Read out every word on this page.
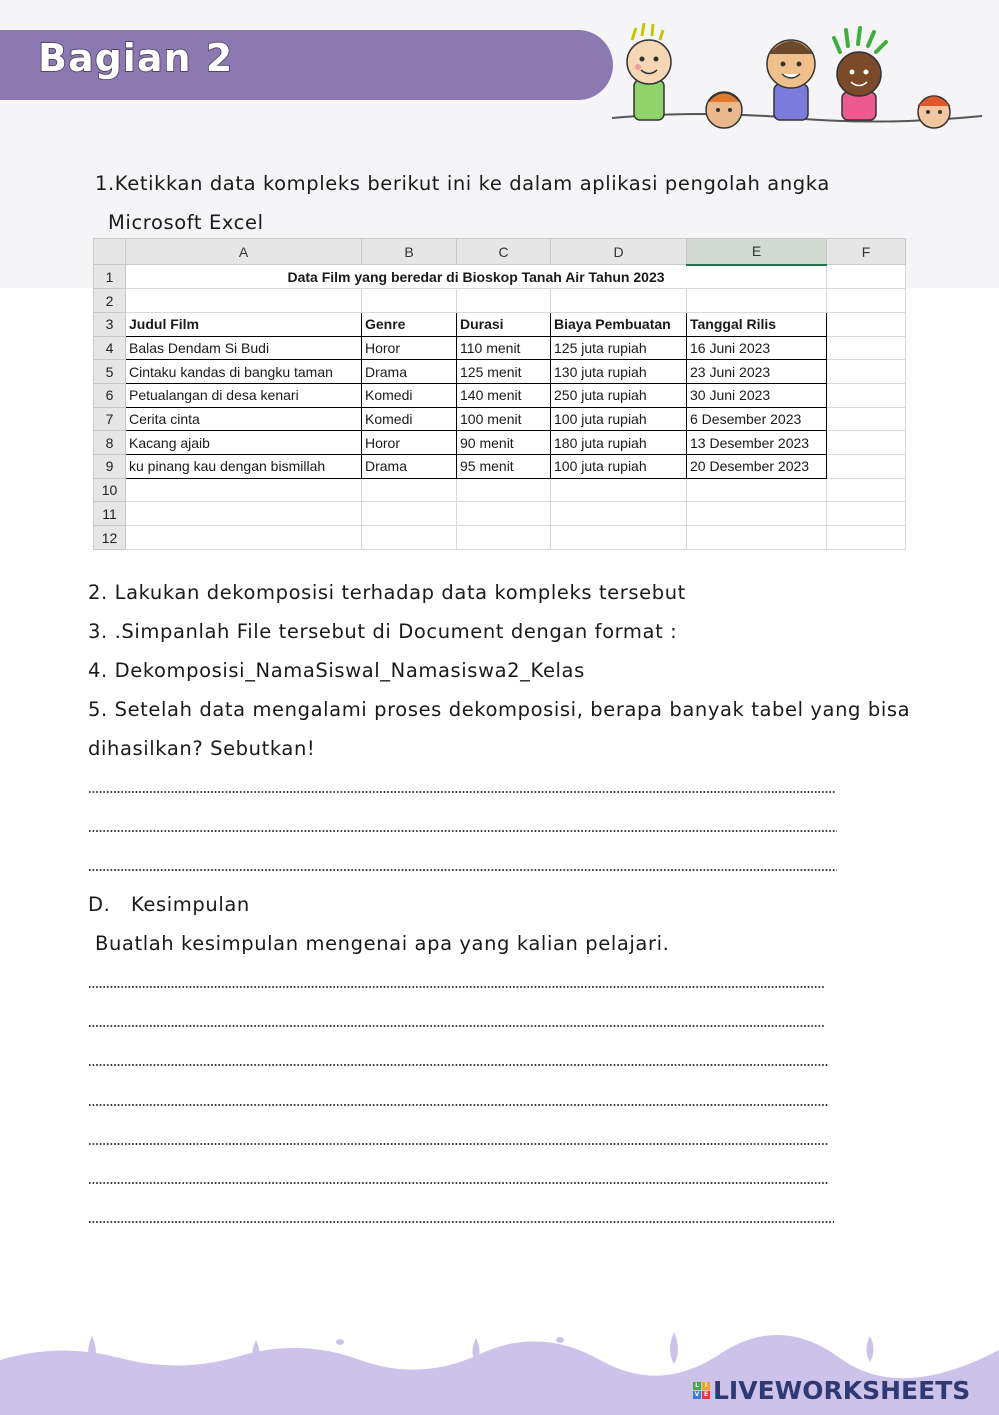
Bagian 2
1.Ketikkan data kompleks berikut ini ke dalam aplikasi pengolah angka
Microsoft Excel
	A	B	C	D	E	F
1	Data Film yang beredar di Bioskop Tanah Air Tahun 2023					
2						
3	Judul Film	Genre	Durasi	Biaya Pembuatan	Tanggal Rilis	
4	Balas Dendam Si Budi	Horor	110 menit	125 juta rupiah	16 Juni 2023	
5	Cintaku kandas di bangku taman	Drama	125 menit	130 juta rupiah	23 Juni 2023	
6	Petualangan di desa kenari	Komedi	140 menit	250 juta rupiah	30 Juni 2023	
7	Cerita cinta	Komedi	100 menit	100 juta rupiah	6 Desember 2023	
8	Kacang ajaib	Horor	90 menit	180 juta rupiah	13 Desember 2023	
9	ku pinang kau dengan bismillah	Drama	95 menit	100 juta rupiah	20 Desember 2023	
10						
11						
12						
2. Lakukan dekomposisi terhadap data kompleks tersebut
3. .Simpanlah File tersebut di Document dengan format :
4. Dekomposisi_NamaSiswal_Namasiswa2_Kelas
5. Setelah data mengalami proses dekomposisi, berapa banyak tabel yang bisa
dihasilkan? Sebutkan!
D. Kesimpulan
Buatlah kesimpulan mengenai apa yang kalian pelajari.
L I
V E LIVEWORKSHEETS
